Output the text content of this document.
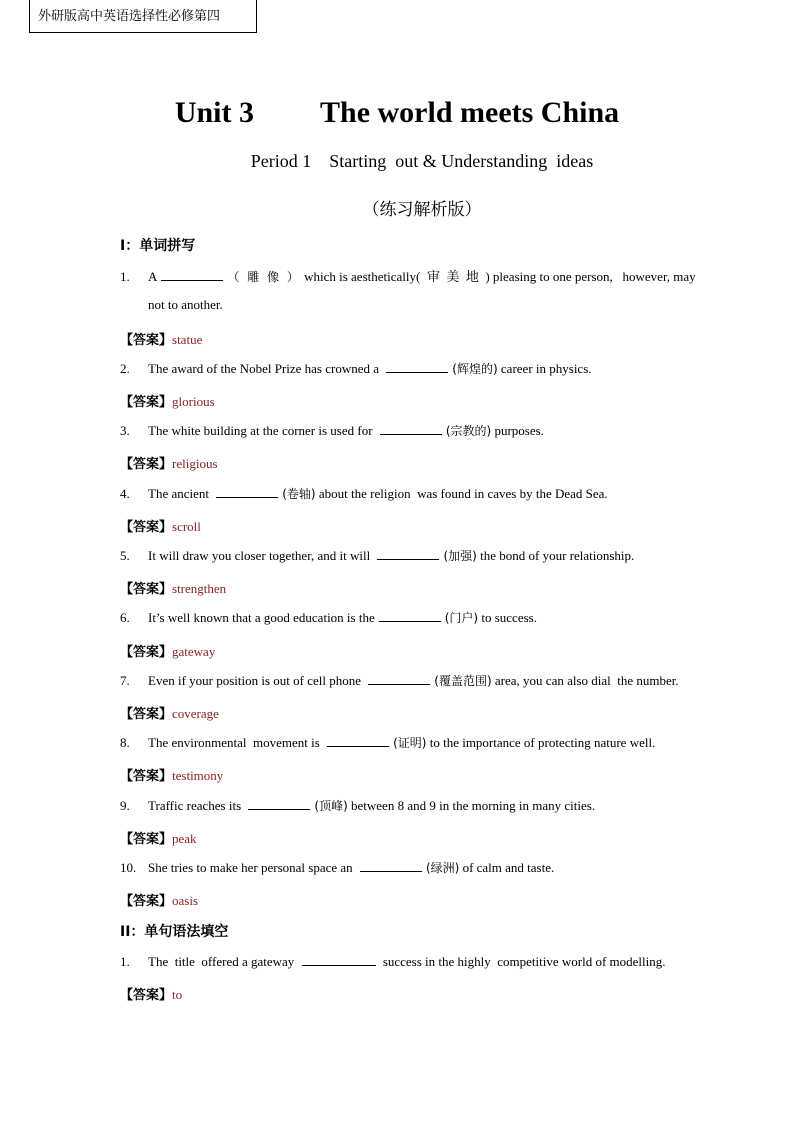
外研版高中英语选择性必修第四
Unit 3 The world meets China
Period 1 Starting  out & Understanding  ideas
（练习解析版）
I：单词拼写
1. A	（ 雕 像 ） which is aesthetically(  审  美  地  ) pleasing to one person,   however, may
not to another.
【答案】statue
2. The award of the Nobel Prize has crowned a	(辉煌的) career in physics.
【答案】glorious
3. The white building at the corner is used for	(宗教的) purposes.
【答案】religious
4. The ancient	(卷轴) about the religion  was found in caves by the Dead Sea.
【答案】scroll
5. It will draw you closer together, and it will	(加强) the bond of your relationship.
【答案】strengthen
6. It’s well known that a good education is the	(门户) to success.
【答案】gateway
7. Even if your position is out of cell phone	(覆盖范围) area, you can also dial  the number.
【答案】coverage
8. The environmental  movement is	(证明) to the importance of protecting nature well.
【答案】testimony
9. Traffic reaches its	(顶峰) between 8 and 9 in the morning in many cities.
【答案】peak
10. She tries to make her personal space an	(绿洲) of calm and taste.
【答案】oasis
II：单句语法填空
1. The  title  offered a gateway	success in the highly  competitive world of modelling.
【答案】to
